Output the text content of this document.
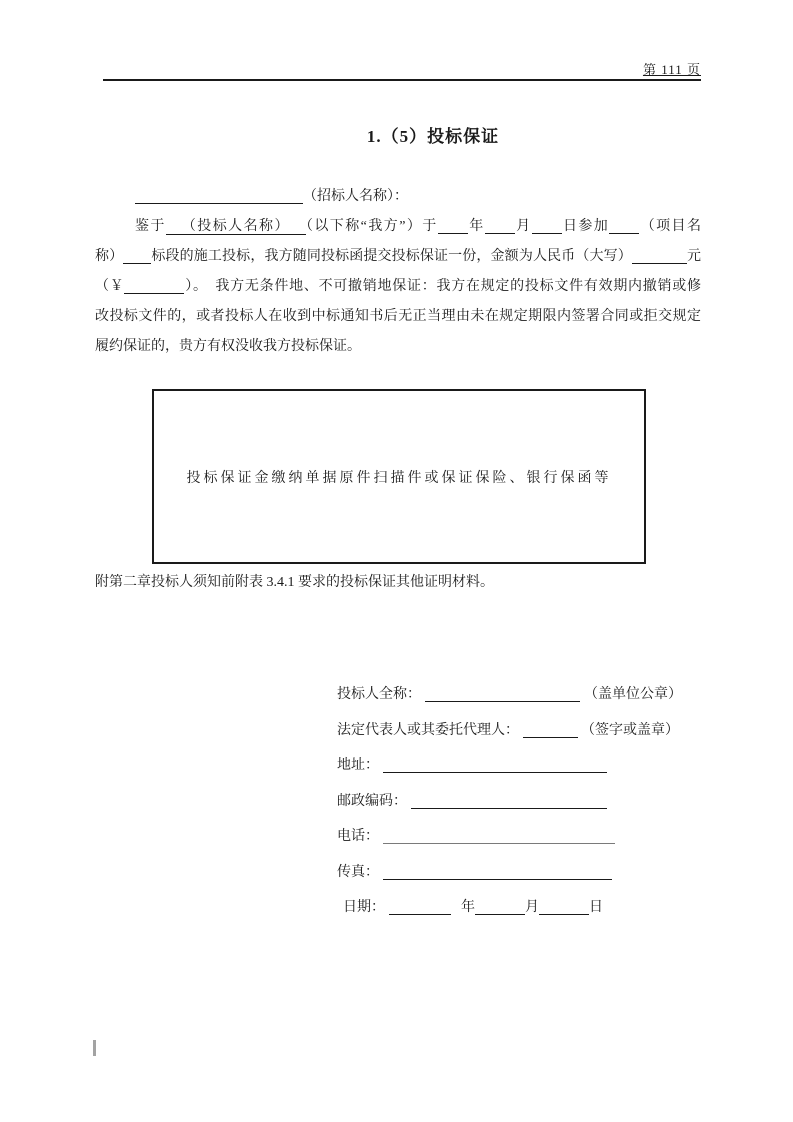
第 111 页
1.（5）投标保证
（招标人名称）：
鉴于 （投标人名称） （以下称“我方”）于 年 月 日参加 （项目名
称） 标段的施工投标，我方随同投标函提交投标保证一份，金额为人民币（大写）	元
（￥	）。　我方无条件地、不可撤销地保证：我方在规定的投标文件有效期内撤销或修
改投标文件的，或者投标人在收到中标通知书后无正当理由未在规定期限内签署合同或拒交规定
履约保证的，贵方有权没收我方投标保证。
投标保证金缴纳单据原件扫描件或保证保险、银行保函等
附第二章投标人须知前附表 3.4.1 要求的投标保证其他证明材料。
投标人全称：	（盖单位公章）
法定代表人或其委托代理人：	（签字或盖章）
地址：
邮政编码：
电话：
传真：
日期：	年	月	日
